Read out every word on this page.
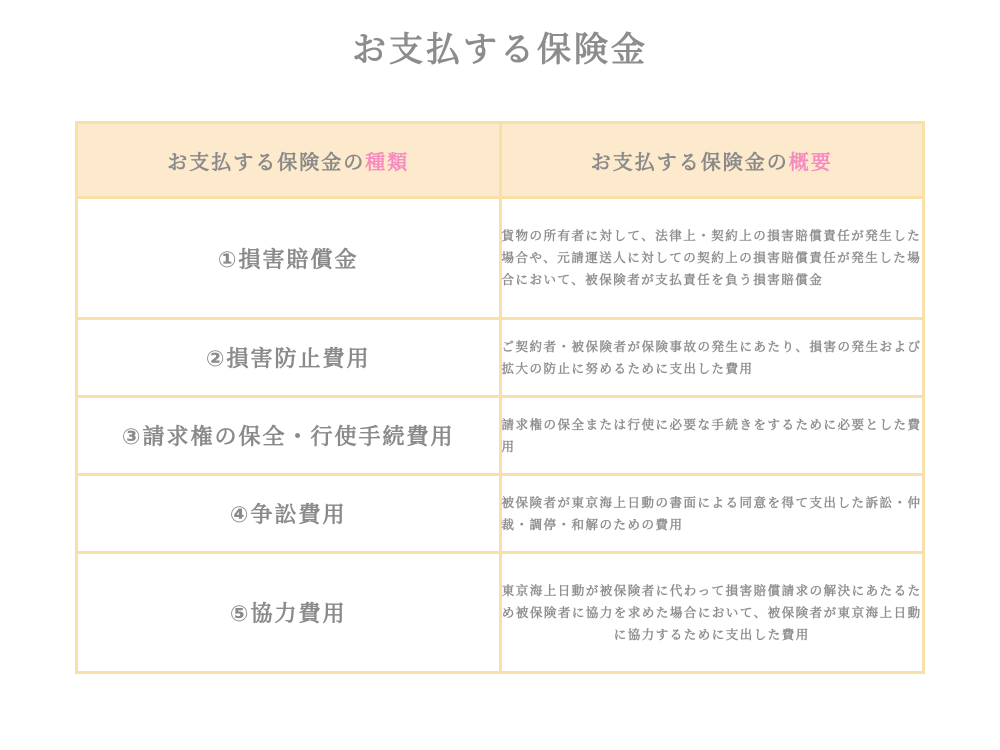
お支払する保険金
お支払する保険金の種類	お支払する保険金の概要
①損害賠償金	貨物の所有者に対して、法律上・契約上の損害賠償責任が発生した場合や、元請運送人に対しての契約上の損害賠償責任が発生した場合において、被保険者が支払責任を負う損害賠償金
②損害防止費用	ご契約者・被保険者が保険事故の発生にあたり、損害の発生および拡大の防止に努めるために支出した費用
③請求権の保全・行使手続費用	請求権の保全または行使に必要な手続きをするために必要とした費用
④争訟費用	被保険者が東京海上日動の書面による同意を得て支出した訴訟・仲裁・調停・和解のための費用
⑤協力費用	東京海上日動が被保険者に代わって損害賠償請求の解決にあたるため被保険者に協力を求めた場合において、被保険者が東京海上日動に協力するために支出した費用
